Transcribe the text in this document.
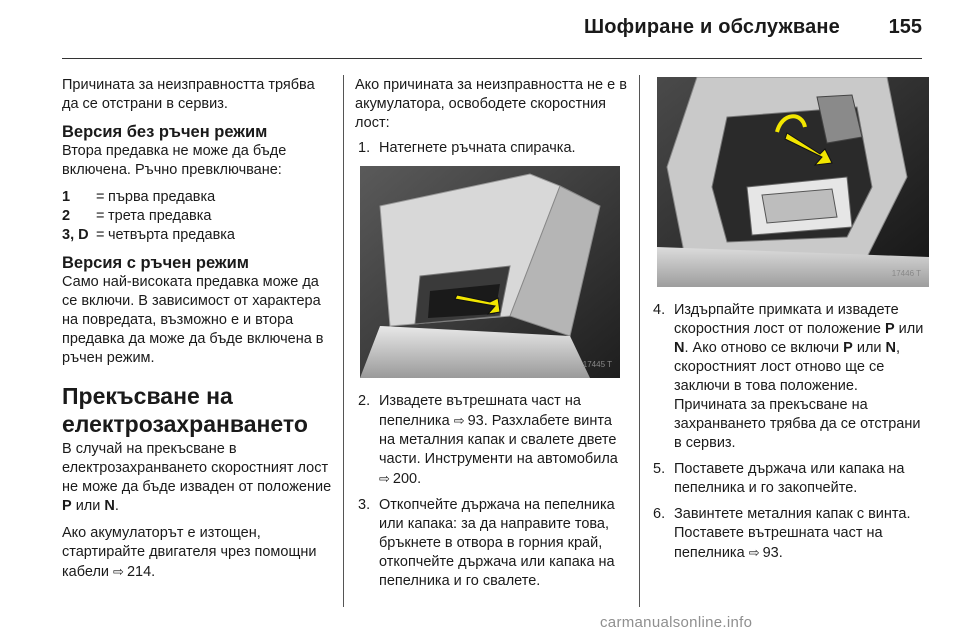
Шофиране и обслужване 155

Причината за неизправността трябва да се отстрани в сервиз.

Версия без ръчен режим

Втора предавка не може да бъде включена. Ръчно превключване:

1	= първа предавка
2	= трета предавка
3, D = четвърта предавка
Версия с ръчен режим

Само най-високата предавка може да се включи. В зависимост от характера на повредата, възможно е и втора предавка да може да бъде включена в ръчен режим.

Прекъсване на електрозахранването

В случай на прекъсване в електрозахранването скоростният лост не може да бъде изваден от положение P или N.

Ако акумулаторът е изтощен, стартирайте двигателя чрез помощни кабели ⇨214.

Ако причината за неизправността не е в акумулатора, освободете скоростния лост:

1. Натегнете ръчната спирачка.
17445 T
2. Извадете вътрешната част на пепелника ⇨93. Разхлабете винта на металния капак и свалете двете части. Инструменти на автомобила
⇨200.
3. Откопчейте държача на пепелника или капака: за да направите това, бръкнете в отвора в горния край, откопчейте държача или капака на пепелника и го свалете.
17446 T
4. Издърпайте примката и извадете скоростния лост от положение P или N. Ако отново се включи P или N, скоростният лост отново ще се заключи в това положение. Причината за прекъсване на захранването трябва да се отстрани в сервиз.
5. Поставете държача или капака на пепелника и го закопчейте.
6. Завинтете металния капак с винта. Поставете вътрешната част на пепелника ⇨93.
carmanualsonline.info
